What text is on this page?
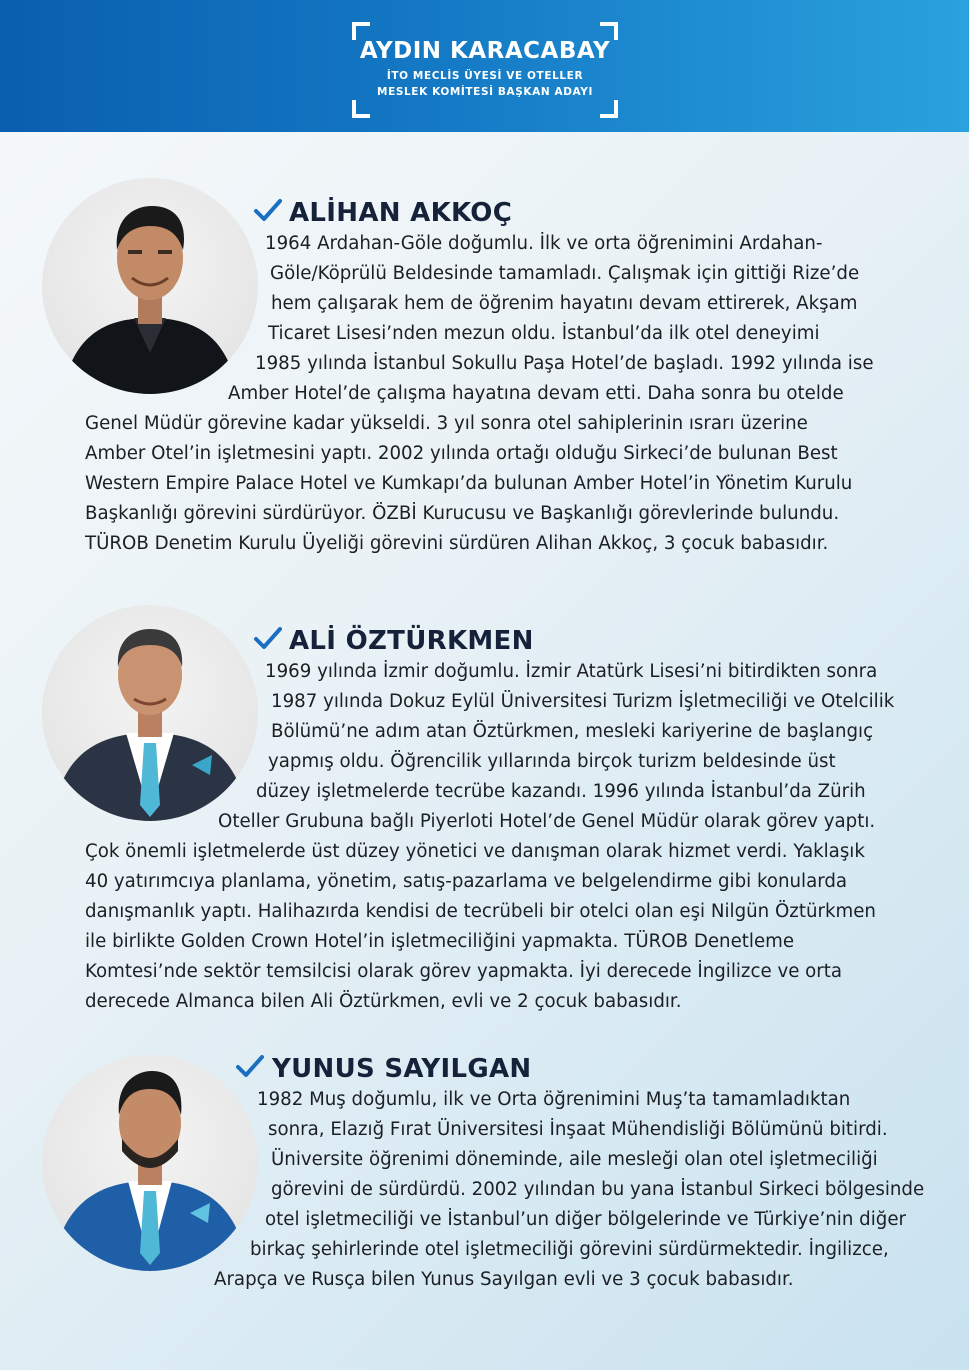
AYDIN KARACABAY
İTO MECLİS ÜYESİ VE OTELLER
MESLEK KOMİTESİ BAŞKAN ADAYI
ALİHAN AKKOÇ
1964 Ardahan-Göle doğumlu. İlk ve orta öğrenimini Ardahan-
Göle/Köprülü Beldesinde tamamladı. Çalışmak için gittiği Rize’de
hem çalışarak hem de öğrenim hayatını devam ettirerek, Akşam
Ticaret Lisesi’nden mezun oldu. İstanbul’da ilk otel deneyimi
1985 yılında İstanbul Sokullu Paşa Hotel’de başladı. 1992 yılında ise
Amber Hotel’de çalışma hayatına devam etti. Daha sonra bu otelde
Genel Müdür görevine kadar yükseldi. 3 yıl sonra otel sahiplerinin ısrarı üzerine
Amber Otel’in işletmesini yaptı. 2002 yılında ortağı olduğu Sirkeci’de bulunan Best
Western Empire Palace Hotel ve Kumkapı’da bulunan Amber Hotel’in Yönetim Kurulu
Başkanlığı görevini sürdürüyor. ÖZBİ Kurucusu ve Başkanlığı görevlerinde bulundu.
TÜROB Denetim Kurulu Üyeliği görevini sürdüren Alihan Akkoç, 3 çocuk babasıdır.
ALİ ÖZTÜRKMEN
1969 yılında İzmir doğumlu. İzmir Atatürk Lisesi’ni bitirdikten sonra
1987 yılında Dokuz Eylül Üniversitesi Turizm İşletmeciliği ve Otelcilik
Bölümü’ne adım atan Öztürkmen, mesleki kariyerine de başlangıç
yapmış oldu. Öğrencilik yıllarında birçok turizm beldesinde üst
düzey işletmelerde tecrübe kazandı. 1996 yılında İstanbul’da Zürih
Oteller Grubuna bağlı Piyerloti Hotel’de Genel Müdür olarak görev yaptı.
Çok önemli işletmelerde üst düzey yönetici ve danışman olarak hizmet verdi. Yaklaşık
40 yatırımcıya planlama, yönetim, satış-pazarlama ve belgelendirme gibi konularda
danışmanlık yaptı. Halihazırda kendisi de tecrübeli bir otelci olan eşi Nilgün Öztürkmen
ile birlikte Golden Crown Hotel’in işletmeciliğini yapmakta. TÜROB Denetleme
Komtesi’nde sektör temsilcisi olarak görev yapmakta. İyi derecede İngilizce ve orta
derecede Almanca bilen Ali Öztürkmen, evli ve 2 çocuk babasıdır.
YUNUS SAYILGAN
1982 Muş doğumlu, ilk ve Orta öğrenimini Muş’ta tamamladıktan
sonra, Elazığ Fırat Üniversitesi İnşaat Mühendisliği Bölümünü bitirdi.
Üniversite öğrenimi döneminde, aile mesleği olan otel işletmeciliği
görevini de sürdürdü. 2002 yılından bu yana İstanbul Sirkeci bölgesinde
otel işletmeciliği ve İstanbul’un diğer bölgelerinde ve Türkiye’nin diğer
birkaç şehirlerinde otel işletmeciliği görevini sürdürmektedir. İngilizce,
Arapça ve Rusça bilen Yunus Sayılgan evli ve 3 çocuk babasıdır.
